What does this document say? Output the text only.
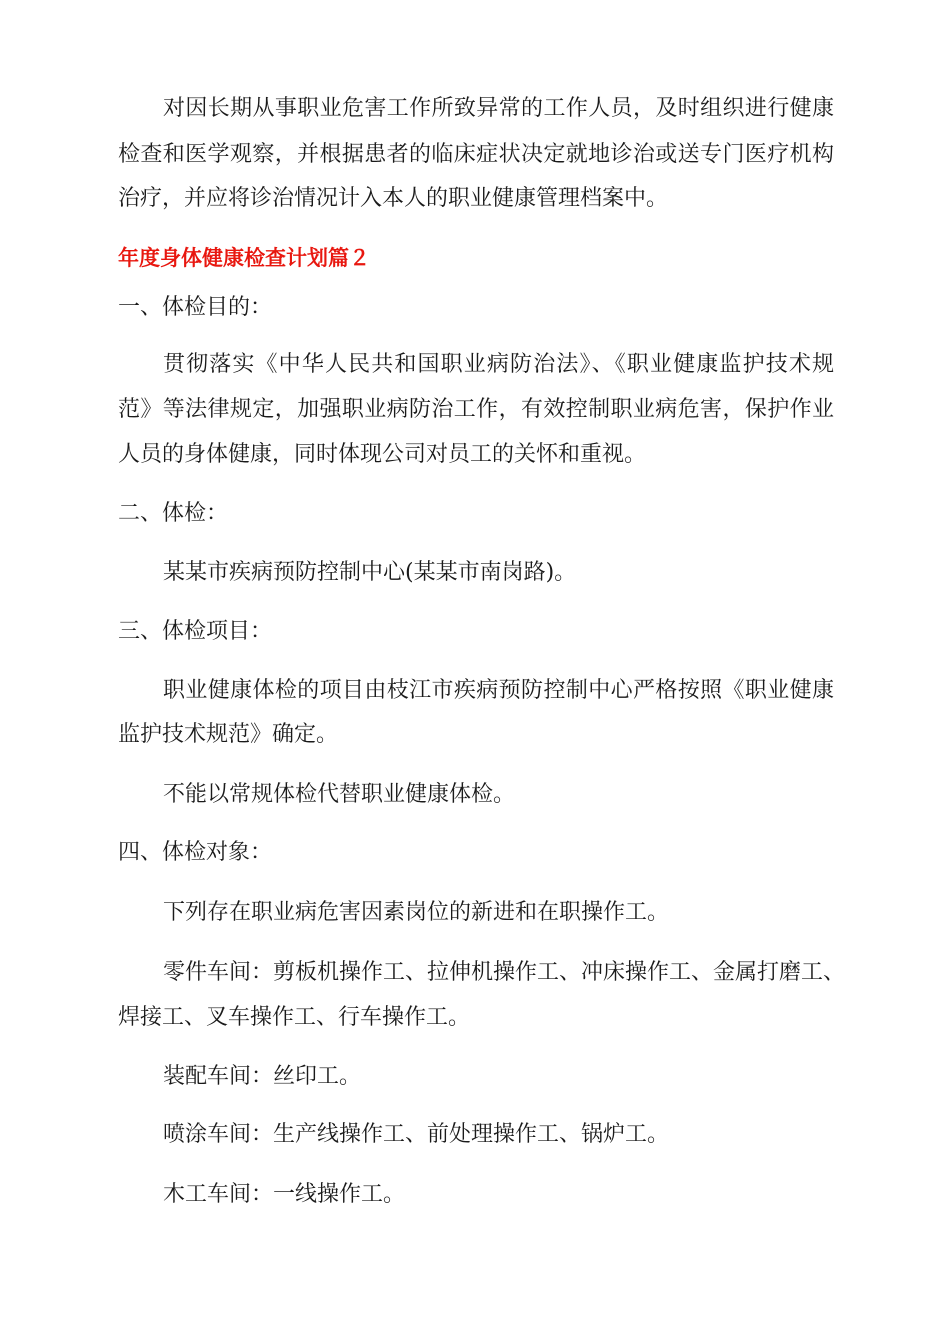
对因长期从事职业危害工作所致异常的工作人员，及时组织进行健康
检查和医学观察，并根据患者的临床症状决定就地诊治或送专门医疗机构
治疗，并应将诊治情况计入本人的职业健康管理档案中。
年度身体健康检查计划篇２
一、体检目的：
贯彻落实《中华人民共和国职业病防治法》、《职业健康监护技术规
范》等法律规定，加强职业病防治工作，有效控制职业病危害，保护作业
人员的身体健康，同时体现公司对员工的关怀和重视。
二、体检：
某某市疾病预防控制中心(某某市南岗路)。
三、体检项目：
职业健康体检的项目由枝江市疾病预防控制中心严格按照《职业健康
监护技术规范》确定。
不能以常规体检代替职业健康体检。
四、体检对象：
下列存在职业病危害因素岗位的新进和在职操作工。
零件车间：剪板机操作工、拉伸机操作工、冲床操作工、金属打磨工、
焊接工、叉车操作工、行车操作工。
装配车间：丝印工。
喷涂车间：生产线操作工、前处理操作工、锅炉工。
木工车间：一线操作工。
